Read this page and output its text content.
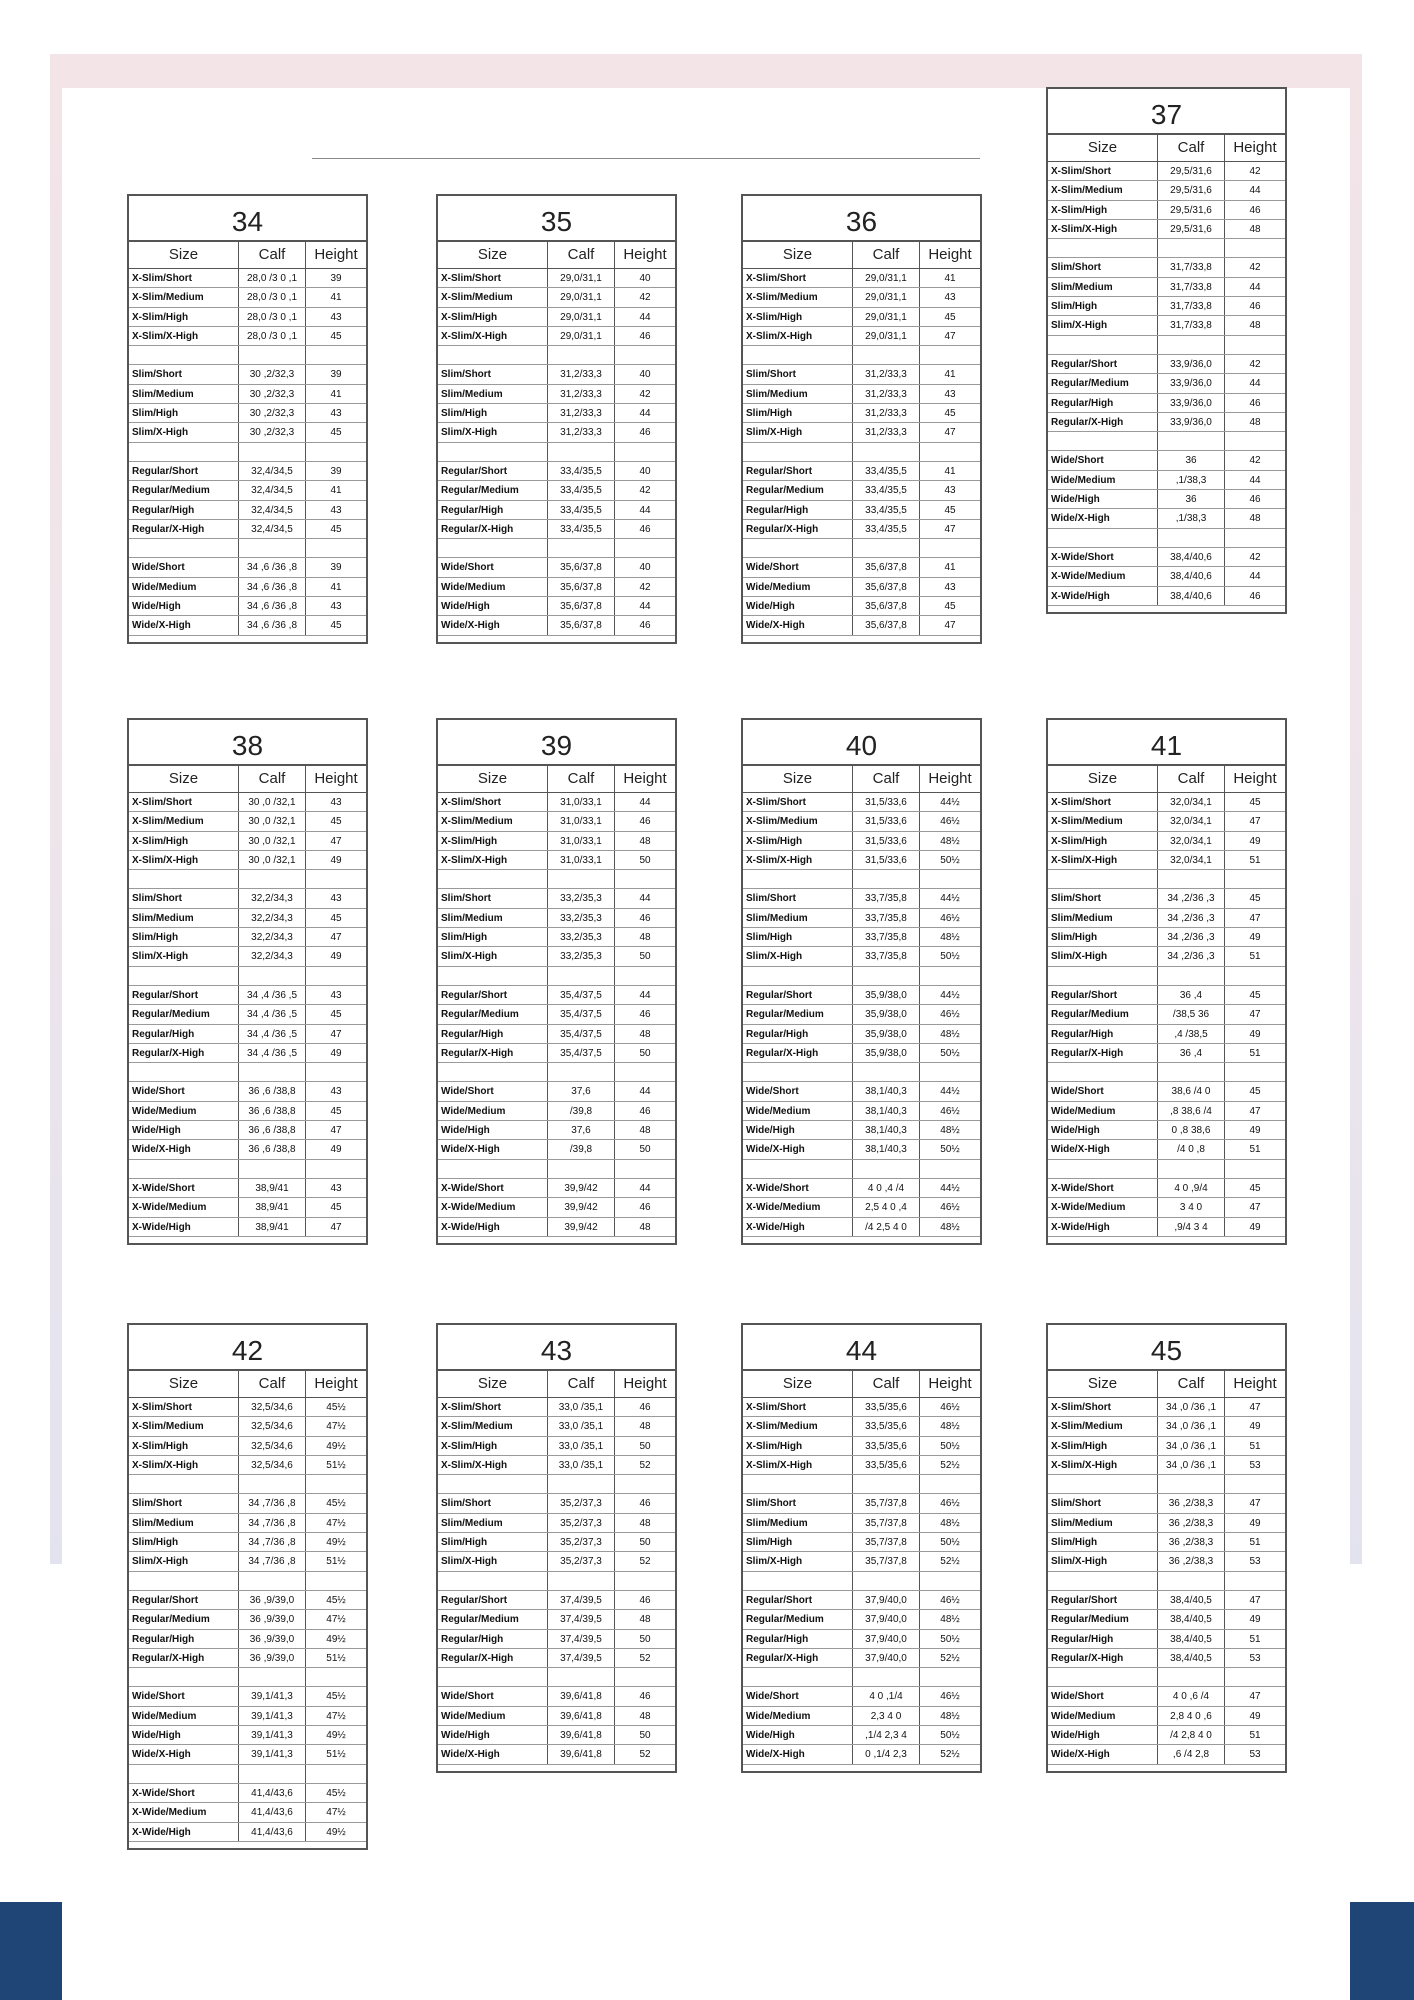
34
Size	Calf	Height
X-Slim/Short	28,0 /3 0 ,1	39
X-Slim/Medium	28,0 /3 0 ,1	41
X-Slim/High	28,0 /3 0 ,1	43
X-Slim/X-High	28,0 /3 0 ,1	45
Slim/Short	30 ,2/32,3	39
Slim/Medium	30 ,2/32,3	41
Slim/High	30 ,2/32,3	43
Slim/X-High	30 ,2/32,3	45
Regular/Short	32,4/34,5	39
Regular/Medium	32,4/34,5	41
Regular/High	32,4/34,5	43
Regular/X-High	32,4/34,5	45
Wide/Short	34 ,6 /36 ,8	39
Wide/Medium	34 ,6 /36 ,8	41
Wide/High	34 ,6 /36 ,8	43
Wide/X-High	34 ,6 /36 ,8	45
35
Size	Calf	Height
X-Slim/Short	29,0/31,1	40
X-Slim/Medium	29,0/31,1	42
X-Slim/High	29,0/31,1	44
X-Slim/X-High	29,0/31,1	46
Slim/Short	31,2/33,3	40
Slim/Medium	31,2/33,3	42
Slim/High	31,2/33,3	44
Slim/X-High	31,2/33,3	46
Regular/Short	33,4/35,5	40
Regular/Medium	33,4/35,5	42
Regular/High	33,4/35,5	44
Regular/X-High	33,4/35,5	46
Wide/Short	35,6/37,8	40
Wide/Medium	35,6/37,8	42
Wide/High	35,6/37,8	44
Wide/X-High	35,6/37,8	46
36
Size	Calf	Height
X-Slim/Short	29,0/31,1	41
X-Slim/Medium	29,0/31,1	43
X-Slim/High	29,0/31,1	45
X-Slim/X-High	29,0/31,1	47
Slim/Short	31,2/33,3	41
Slim/Medium	31,2/33,3	43
Slim/High	31,2/33,3	45
Slim/X-High	31,2/33,3	47
Regular/Short	33,4/35,5	41
Regular/Medium	33,4/35,5	43
Regular/High	33,4/35,5	45
Regular/X-High	33,4/35,5	47
Wide/Short	35,6/37,8	41
Wide/Medium	35,6/37,8	43
Wide/High	35,6/37,8	45
Wide/X-High	35,6/37,8	47
37
Size	Calf	Height
X-Slim/Short	29,5/31,6	42
X-Slim/Medium	29,5/31,6	44
X-Slim/High	29,5/31,6	46
X-Slim/X-High	29,5/31,6	48
Slim/Short	31,7/33,8	42
Slim/Medium	31,7/33,8	44
Slim/High	31,7/33,8	46
Slim/X-High	31,7/33,8	48
Regular/Short	33,9/36,0	42
Regular/Medium	33,9/36,0	44
Regular/High	33,9/36,0	46
Regular/X-High	33,9/36,0	48
Wide/Short	36	42
Wide/Medium	,1/38,3	44
Wide/High	36	46
Wide/X-High	,1/38,3	48
X-Wide/Short	38,4/40,6	42
X-Wide/Medium	38,4/40,6	44
X-Wide/High	38,4/40,6	46
38
Size	Calf	Height
X-Slim/Short	30 ,0 /32,1	43
X-Slim/Medium	30 ,0 /32,1	45
X-Slim/High	30 ,0 /32,1	47
X-Slim/X-High	30 ,0 /32,1	49
Slim/Short	32,2/34,3	43
Slim/Medium	32,2/34,3	45
Slim/High	32,2/34,3	47
Slim/X-High	32,2/34,3	49
Regular/Short	34 ,4 /36 ,5	43
Regular/Medium	34 ,4 /36 ,5	45
Regular/High	34 ,4 /36 ,5	47
Regular/X-High	34 ,4 /36 ,5	49
Wide/Short	36 ,6 /38,8	43
Wide/Medium	36 ,6 /38,8	45
Wide/High	36 ,6 /38,8	47
Wide/X-High	36 ,6 /38,8	49
X-Wide/Short	38,9/41	43
X-Wide/Medium	38,9/41	45
X-Wide/High	38,9/41	47
39
Size	Calf	Height
X-Slim/Short	31,0/33,1	44
X-Slim/Medium	31,0/33,1	46
X-Slim/High	31,0/33,1	48
X-Slim/X-High	31,0/33,1	50
Slim/Short	33,2/35,3	44
Slim/Medium	33,2/35,3	46
Slim/High	33,2/35,3	48
Slim/X-High	33,2/35,3	50
Regular/Short	35,4/37,5	44
Regular/Medium	35,4/37,5	46
Regular/High	35,4/37,5	48
Regular/X-High	35,4/37,5	50
Wide/Short	37,6	44
Wide/Medium	/39,8	46
Wide/High	37,6	48
Wide/X-High	/39,8	50
X-Wide/Short	39,9/42	44
X-Wide/Medium	39,9/42	46
X-Wide/High	39,9/42	48
40
Size	Calf	Height
X-Slim/Short	31,5/33,6	44½
X-Slim/Medium	31,5/33,6	46½
X-Slim/High	31,5/33,6	48½
X-Slim/X-High	31,5/33,6	50½
Slim/Short	33,7/35,8	44½
Slim/Medium	33,7/35,8	46½
Slim/High	33,7/35,8	48½
Slim/X-High	33,7/35,8	50½
Regular/Short	35,9/38,0	44½
Regular/Medium	35,9/38,0	46½
Regular/High	35,9/38,0	48½
Regular/X-High	35,9/38,0	50½
Wide/Short	38,1/40,3	44½
Wide/Medium	38,1/40,3	46½
Wide/High	38,1/40,3	48½
Wide/X-High	38,1/40,3	50½
X-Wide/Short	4 0 ,4 /4	44½
X-Wide/Medium	2,5 4 0 ,4	46½
X-Wide/High	/4 2,5 4 0	48½
41
Size	Calf	Height
X-Slim/Short	32,0/34,1	45
X-Slim/Medium	32,0/34,1	47
X-Slim/High	32,0/34,1	49
X-Slim/X-High	32,0/34,1	51
Slim/Short	34 ,2/36 ,3	45
Slim/Medium	34 ,2/36 ,3	47
Slim/High	34 ,2/36 ,3	49
Slim/X-High	34 ,2/36 ,3	51
Regular/Short	36 ,4	45
Regular/Medium	/38,5 36	47
Regular/High	,4 /38,5	49
Regular/X-High	36 ,4	51
Wide/Short	38,6 /4 0	45
Wide/Medium	,8 38,6 /4	47
Wide/High	0 ,8 38,6	49
Wide/X-High	/4 0 ,8	51
X-Wide/Short	4 0 ,9/4	45
X-Wide/Medium	3 4 0	47
X-Wide/High	,9/4 3 4	49
42
Size	Calf	Height
X-Slim/Short	32,5/34,6	45½
X-Slim/Medium	32,5/34,6	47½
X-Slim/High	32,5/34,6	49½
X-Slim/X-High	32,5/34,6	51½
Slim/Short	34 ,7/36 ,8	45½
Slim/Medium	34 ,7/36 ,8	47½
Slim/High	34 ,7/36 ,8	49½
Slim/X-High	34 ,7/36 ,8	51½
Regular/Short	36 ,9/39,0	45½
Regular/Medium	36 ,9/39,0	47½
Regular/High	36 ,9/39,0	49½
Regular/X-High	36 ,9/39,0	51½
Wide/Short	39,1/41,3	45½
Wide/Medium	39,1/41,3	47½
Wide/High	39,1/41,3	49½
Wide/X-High	39,1/41,3	51½
X-Wide/Short	41,4/43,6	45½
X-Wide/Medium	41,4/43,6	47½
X-Wide/High	41,4/43,6	49½
43
Size	Calf	Height
X-Slim/Short	33,0 /35,1	46
X-Slim/Medium	33,0 /35,1	48
X-Slim/High	33,0 /35,1	50
X-Slim/X-High	33,0 /35,1	52
Slim/Short	35,2/37,3	46
Slim/Medium	35,2/37,3	48
Slim/High	35,2/37,3	50
Slim/X-High	35,2/37,3	52
Regular/Short	37,4/39,5	46
Regular/Medium	37,4/39,5	48
Regular/High	37,4/39,5	50
Regular/X-High	37,4/39,5	52
Wide/Short	39,6/41,8	46
Wide/Medium	39,6/41,8	48
Wide/High	39,6/41,8	50
Wide/X-High	39,6/41,8	52
44
Size	Calf	Height
X-Slim/Short	33,5/35,6	46½
X-Slim/Medium	33,5/35,6	48½
X-Slim/High	33,5/35,6	50½
X-Slim/X-High	33,5/35,6	52½
Slim/Short	35,7/37,8	46½
Slim/Medium	35,7/37,8	48½
Slim/High	35,7/37,8	50½
Slim/X-High	35,7/37,8	52½
Regular/Short	37,9/40,0	46½
Regular/Medium	37,9/40,0	48½
Regular/High	37,9/40,0	50½
Regular/X-High	37,9/40,0	52½
Wide/Short	4 0 ,1/4	46½
Wide/Medium	2,3 4 0	48½
Wide/High	,1/4 2,3 4	50½
Wide/X-High	0 ,1/4 2,3	52½
45
Size	Calf	Height
X-Slim/Short	34 ,0 /36 ,1	47
X-Slim/Medium	34 ,0 /36 ,1	49
X-Slim/High	34 ,0 /36 ,1	51
X-Slim/X-High	34 ,0 /36 ,1	53
Slim/Short	36 ,2/38,3	47
Slim/Medium	36 ,2/38,3	49
Slim/High	36 ,2/38,3	51
Slim/X-High	36 ,2/38,3	53
Regular/Short	38,4/40,5	47
Regular/Medium	38,4/40,5	49
Regular/High	38,4/40,5	51
Regular/X-High	38,4/40,5	53
Wide/Short	4 0 ,6 /4	47
Wide/Medium	2,8 4 0 ,6	49
Wide/High	/4 2,8 4 0	51
Wide/X-High	,6 /4 2,8	53
